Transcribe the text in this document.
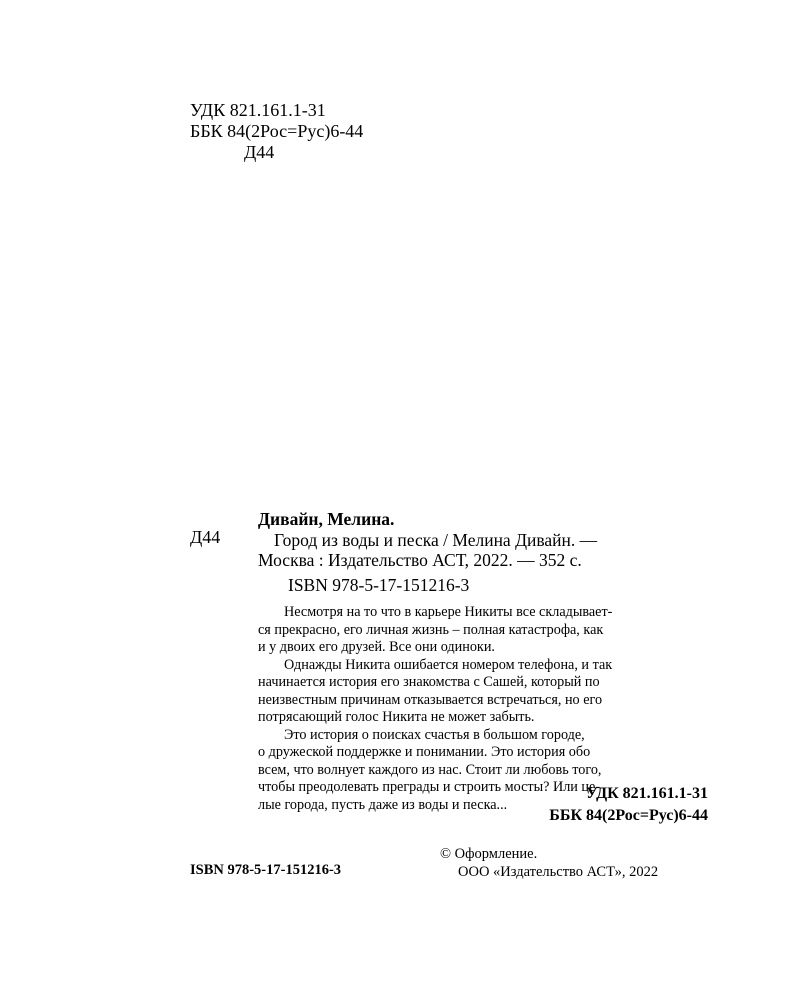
УДК 821.161.1-31
ББК 84(2Рос=Рус)6-44
Д44
Д44
Дивайн, Мелина.
Город из воды и песка / Мелина Дивайн. —
Москва : Издательство АСТ, 2022. — 352 с.
ISBN 978-5-17-151216-3
Несмотря на то что в карьере Никиты все складывает-
ся прекрасно, его личная жизнь – полная катастрофа, как
и у двоих его друзей. Все они одиноки.
Однажды Никита ошибается номером телефона, и так
начинается история его знакомства с Сашей, который по
неизвестным причинам отказывается встречаться, но его
потрясающий голос Никита не может забыть.
Это история о поисках счастья в большом городе,
о дружеской поддержке и понимании. Это история обо
всем, что волнует каждого из нас. Стоит ли любовь того,
чтобы преодолевать преграды и строить мосты? Или це-
лые города, пусть даже из воды и песка...
УДК 821.161.1-31
ББК 84(2Рос=Рус)6-44
© Оформление.
ООО «Издательство АСТ», 2022
ISBN 978-5-17-151216-3
